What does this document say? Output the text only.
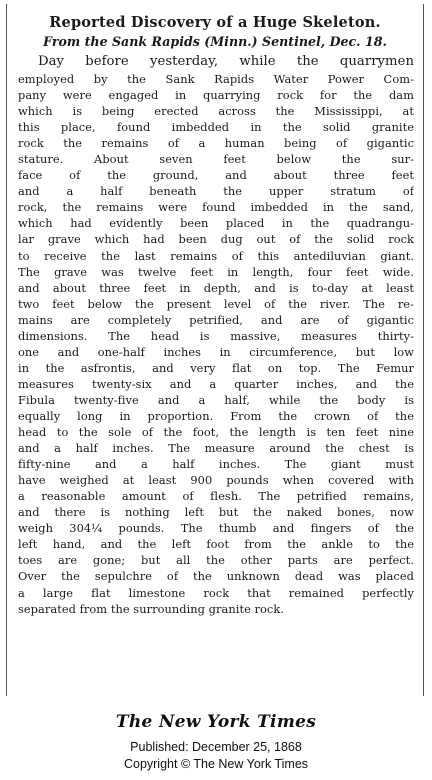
Reported Discovery of a Huge Skeleton.
From the Sank Rapids (Minn.) Sentinel, Dec. 18.
Day before yesterday, while the quarrymen
employed by the Sank Rapids Water Power Com-
pany were engaged in quarrying rock for the dam
which is being erected across the Mississippi, at
this place, found imbedded in the solid granite
rock the remains of a human being of gigantic
stature. About seven feet below the sur-
face of the ground, and about three feet
and a half beneath the upper stratum of
rock, the remains were found imbedded in the sand,
which had evidently been placed in the quadrangu-
lar grave which had been dug out of the solid rock
to receive the last remains of this antediluvian giant.
The grave was twelve feet in length, four feet wide.
and about three feet in depth, and is to-day at least
two feet below the present level of the river. The re-
mains are completely petrified, and are of gigantic
dimensions. The head is massive, measures thirty-
one and one-half inches in circumference, but low
in the asfrontis, and very flat on top. The Femur
measures twenty-six and a quarter inches, and the
Fibula twenty-five and a half, while the body is
equally long in proportion. From the crown of the
head to the sole of the foot, the length is ten feet nine
and a half inches. The measure around the chest is
fifty-nine and a half inches. The giant must
have weighed at least 900 pounds when covered with
a reasonable amount of flesh. The petrified remains,
and there is nothing left but the naked bones, now
weigh 304¼ pounds. The thumb and fingers of the
left hand, and the left foot from the ankle to the
toes are gone; but all the other parts are perfect.
Over the sepulchre of the unknown dead was placed
a large flat limestone rock that remained perfectly
separated from the surrounding granite rock.
The New York Times
Published: December 25, 1868
Copyright © The New York Times
